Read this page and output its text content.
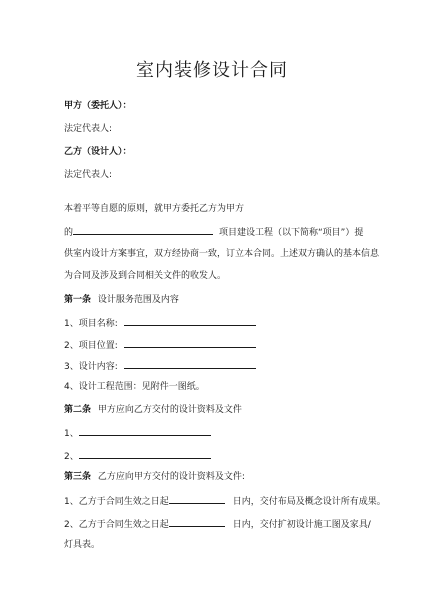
室内装修设计合同
甲方（委托人）：
法定代表人:
乙方（设计人）：
法定代表人:
本着平等自愿的原则，就甲方委托乙方为甲方
的	项目建设工程（以下简称“项目”）提
供室内设计方案事宜，双方经协商一致，订立本合同。上述双方确认的基本信息
为合同及涉及到合同相关文件的收发人。
第一条 设计服务范围及内容
1、项目名称:
2、项目位置:
3、设计内容:
4、设计工程范围：见附件一图纸。
第二条 甲方应向乙方交付的设计资料及文件
1、
2、
第三条 乙方应向甲方交付的设计资料及文件:
1、乙方于合同生效之日起	日内，交付布局及概念设计所有成果。
2、乙方于合同生效之日起	日内，交付扩初设计施工图及家具/
灯具表。
